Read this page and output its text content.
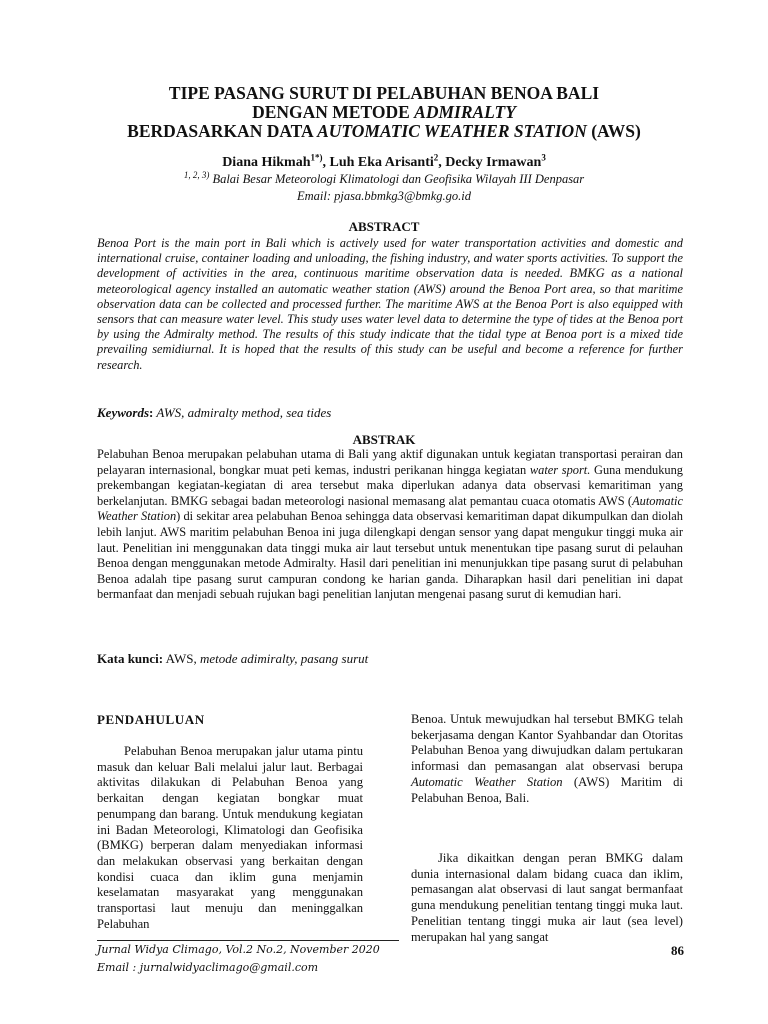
TIPE PASANG SURUT DI PELABUHAN BENOA BALI
DENGAN METODE ADMIRALTY
BERDASARKAN DATA AUTOMATIC WEATHER STATION (AWS)
Diana Hikmah$^{1*)}$, Luh Eka Arisanti$^2$, Decky Irmawan$^3$
$^{1, 2, 3)}$ Balai Besar Meteorologi Klimatologi dan Geofisika Wilayah III Denpasar
Email: pjasa.bbmkg3@bmkg.go.id
ABSTRACT
Benoa Port is the main port in Bali which is actively used for water transportation activities and domestic and international cruise, container loading and unloading, the fishing industry, and water sports activities. To support the development of activities in the area, continuous maritime observation data is needed. BMKG as a national meteorological agency installed an automatic weather station (AWS) around the Benoa Port area, so that maritime observation data can be collected and processed further. The maritime AWS at the Benoa Port is also equipped with sensors that can measure water level. This study uses water level data to determine the type of tides at the Benoa port by using the Admiralty method. The results of this study indicate that the tidal type at Benoa port is a mixed tide prevailing semidiurnal. It is hoped that the results of this study can be useful and become a reference for further research.
Keywords: AWS, admiralty method, sea tides
ABSTRAK
Pelabuhan Benoa merupakan pelabuhan utama di Bali yang aktif digunakan untuk kegiatan transportasi perairan dan pelayaran internasional, bongkar muat peti kemas, industri perikanan hingga kegiatan water sport. Guna mendukung prekembangan kegiatan-kegiatan di area tersebut maka diperlukan adanya data observasi kemaritiman yang berkelanjutan. BMKG sebagai badan meteorologi nasional memasang alat pemantau cuaca otomatis AWS (Automatic Weather Station) di sekitar area pelabuhan Benoa sehingga data observasi kemaritiman dapat dikumpulkan dan diolah lebih lanjut. AWS maritim pelabuhan Benoa ini juga dilengkapi dengan sensor yang dapat mengukur tinggi muka air laut. Penelitian ini menggunakan data tinggi muka air laut tersebut untuk menentukan tipe pasang surut di pelauhan Benoa dengan menggunakan metode Admiralty. Hasil dari penelitian ini menunjukkan tipe pasang surut di pelabuhan Benoa adalah tipe pasang surut campuran condong ke harian ganda. Diharapkan hasil dari penelitian ini dapat bermanfaat dan menjadi sebuah rujukan bagi penelitian lanjutan mengenai pasang surut di kemudian hari.
Kata kunci: AWS, metode adimiralty, pasang surut
PENDAHULUAN
Pelabuhan Benoa merupakan jalur utama pintu masuk dan keluar Bali melalui jalur laut. Berbagai aktivitas dilakukan di Pelabuhan Benoa yang berkaitan dengan kegiatan bongkar muat penumpang dan barang. Untuk mendukung kegiatan ini Badan Meteorologi, Klimatologi dan Geofisika (BMKG) berperan dalam menyediakan informasi dan melakukan observasi yang berkaitan dengan kondisi cuaca dan iklim guna menjamin keselamatan masyarakat yang menggunakan transportasi laut menuju dan meninggalkan Pelabuhan
Benoa. Untuk mewujudkan hal tersebut BMKG telah bekerjasama dengan Kantor Syahbandar dan Otoritas Pelabuhan Benoa yang diwujudkan dalam pertukaran informasi dan pemasangan alat observasi berupa Automatic Weather Station (AWS) Maritim di Pelabuhan Benoa, Bali.
Jika dikaitkan dengan peran BMKG dalam dunia internasional dalam bidang cuaca dan iklim, pemasangan alat observasi di laut sangat bermanfaat guna mendukung penelitian tentang tinggi muka laut. Penelitian tentang tinggi muka air laut (sea level) merupakan hal yang sangat
Jurnal Widya Climago, Vol.2 No.2, November 2020
Email : jurnalwidyaclimago@gmail.com
86
